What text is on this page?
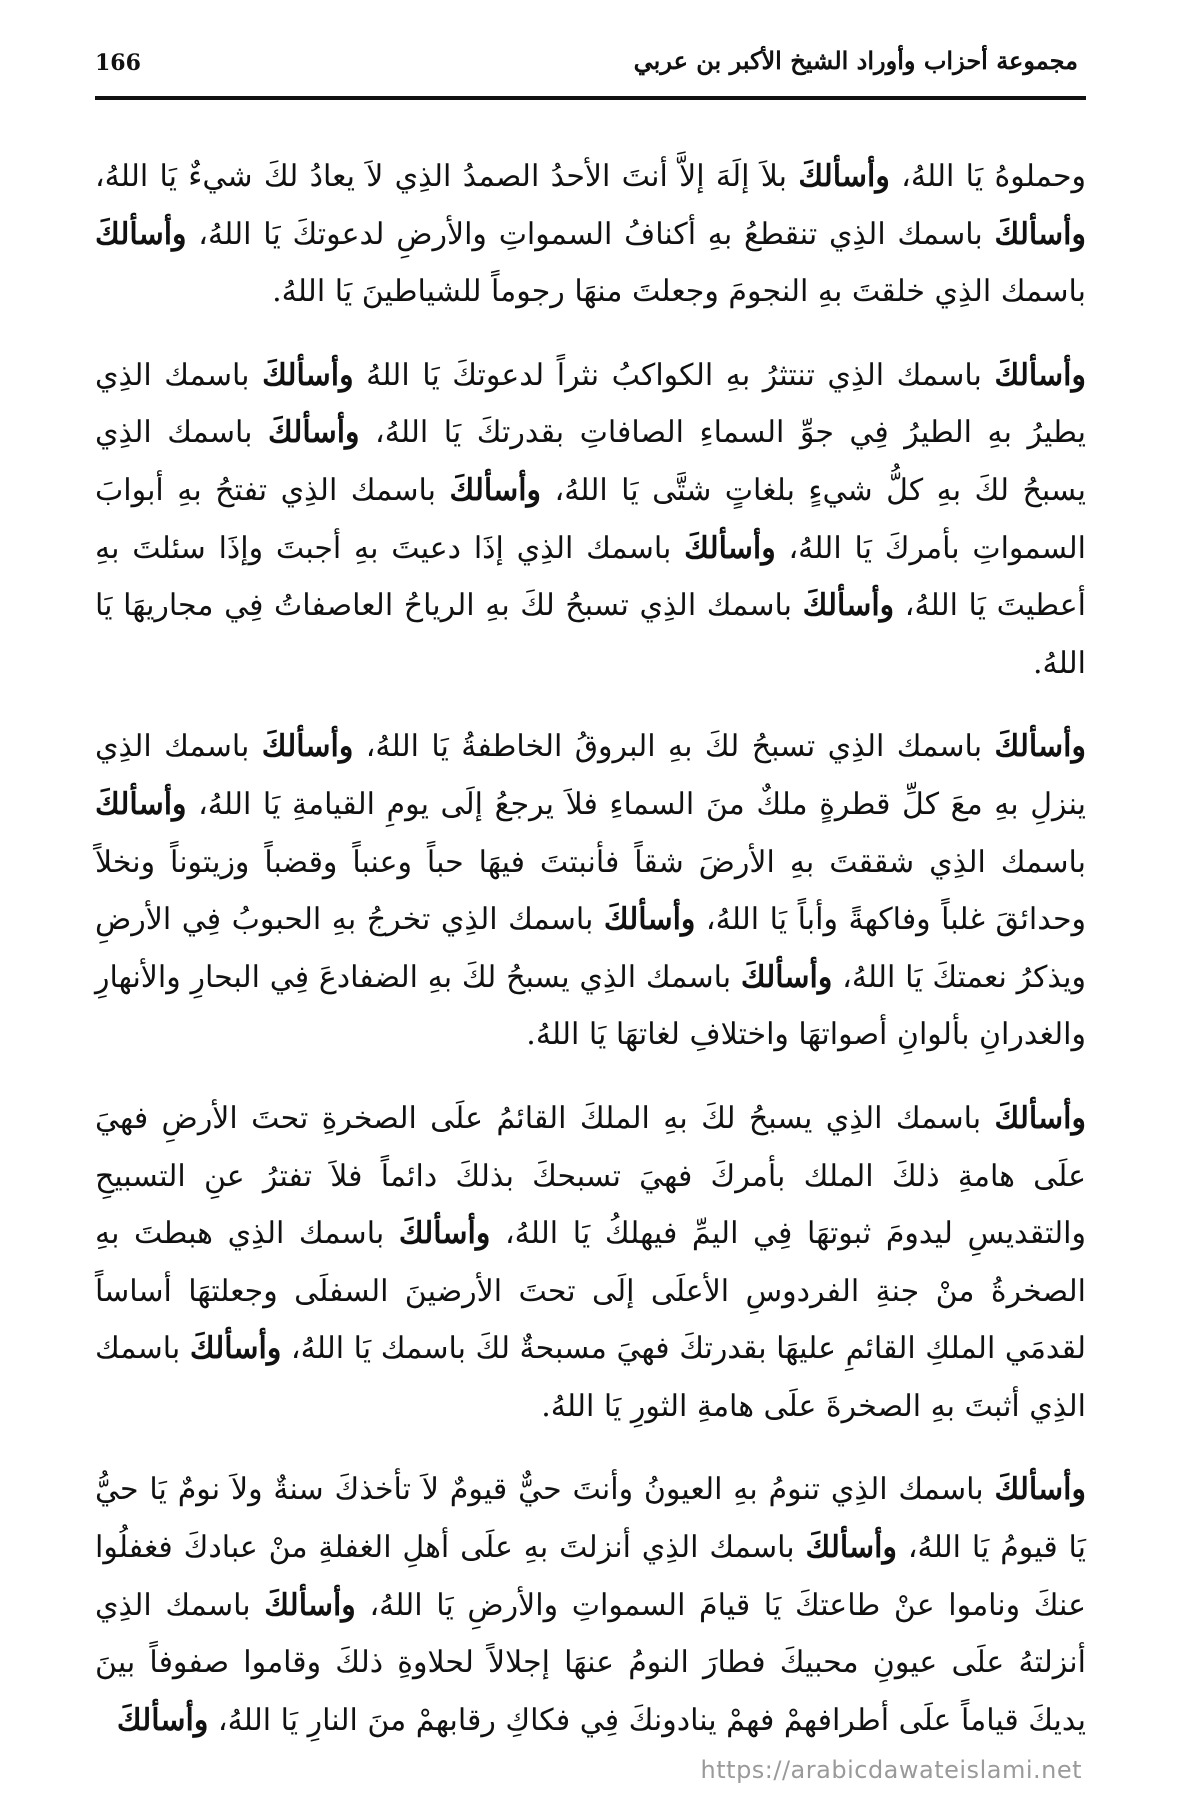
166	مجموعة أحزاب وأوراد الشيخ الأكبر بن عربي

وحملوهُ يَا اللهُ، وأسألكَ بلاَ إلَهَ إلاَّ أنتَ الأحدُ الصمدُ الذِي لاَ يعادُ لكَ شيءٌ يَا اللهُ، وأسألكَ باسمك الذِي تنقطعُ بهِ أكنافُ السمواتِ والأرضِ لدعوتكَ يَا اللهُ، وأسألكَ باسمك الذِي خلقتَ بهِ النجومَ وجعلتَ منهَا رجوماً للشياطينَ يَا اللهُ.

وأسألكَ باسمك الذِي تنتثرُ بهِ الكواكبُ نثراً لدعوتكَ يَا اللهُ وأسألكَ باسمك الذِي يطيرُ بهِ الطيرُ فِي جوِّ السماءِ الصافاتِ بقدرتكَ يَا اللهُ، وأسألكَ باسمك الذِي يسبحُ لكَ بهِ كلُّ شيءٍ بلغاتٍ شتَّى يَا اللهُ، وأسألكَ باسمك الذِي تفتحُ بهِ أبوابَ السمواتِ بأمركَ يَا اللهُ، وأسألكَ باسمك الذِي إذَا دعيتَ بهِ أجبتَ وإذَا سئلتَ بهِ أعطيتَ يَا اللهُ، وأسألكَ باسمك الذِي تسبحُ لكَ بهِ الرياحُ العاصفاتُ فِي مجاريهَا يَا اللهُ.

وأسألكَ باسمك الذِي تسبحُ لكَ بهِ البروقُ الخاطفةُ يَا اللهُ، وأسألكَ باسمك الذِي ينزلِ بهِ معَ كلِّ قطرةٍ ملكٌ منَ السماءِ فلاَ يرجعُ إلَى يومِ القيامةِ يَا اللهُ، وأسألكَ باسمك الذِي شققتَ بهِ الأرضَ شقاً فأنبتتَ فيهَا حباً وعنباً وقضباً وزيتوناً ونخلاً وحدائقَ غلباً وفاكهةً وأباً يَا اللهُ، وأسألكَ باسمك الذِي تخرجُ بهِ الحبوبُ فِي الأرضِ ويذكرُ نعمتكَ يَا اللهُ، وأسألكَ باسمك الذِي يسبحُ لكَ بهِ الضفادعَ فِي البحارِ والأنهارِ والغدرانِ بألوانِ أصواتهَا واختلافِ لغاتهَا يَا اللهُ.

وأسألكَ باسمك الذِي يسبحُ لكَ بهِ الملكَ القائمُ علَى الصخرةِ تحتَ الأرضِ فهيَ علَى هامةِ ذلكَ الملك بأمركَ فهيَ تسبحكَ بذلكَ دائماً فلاَ تفترُ عنِ التسبيحِ والتقديسِ ليدومَ ثبوتهَا فِي اليمِّ فيهلكُ يَا اللهُ، وأسألكَ باسمك الذِي هبطتَ بهِ الصخرةُ منْ جنةِ الفردوسِ الأعلَى إلَى تحتَ الأرضينَ السفلَى وجعلتهَا أساساً لقدمَي الملكِ القائمِ عليهَا بقدرتكَ فهيَ مسبحةٌ لكَ باسمك يَا اللهُ، وأسألكَ باسمك الذِي أثبتَ بهِ الصخرةَ علَى هامةِ الثورِ يَا اللهُ.

وأسألكَ باسمك الذِي تنومُ بهِ العيونُ وأنتَ حيٌّ قيومٌ لاَ تأخذكَ سنةٌ ولاَ نومٌ يَا حيُّ يَا قيومُ يَا اللهُ، وأسألكَ باسمك الذِي أنزلتَ بهِ علَى أهلِ الغفلةِ منْ عبادكَ فغفلُوا عنكَ وناموا عنْ طاعتكَ يَا قيامَ السمواتِ والأرضِ يَا اللهُ، وأسألكَ باسمك الذِي أنزلتهُ علَى عيونِ محبيكَ فطارَ النومُ عنهَا إجلالاً لحلاوةِ ذلكَ وقاموا صفوفاً بينَ يديكَ قياماً علَى أطرافهمْ فهمْ ينادونكَ فِي فكاكِ رقابهمْ منَ النارِ يَا اللهُ، وأسألكَ

https://arabicdawateislami.net
